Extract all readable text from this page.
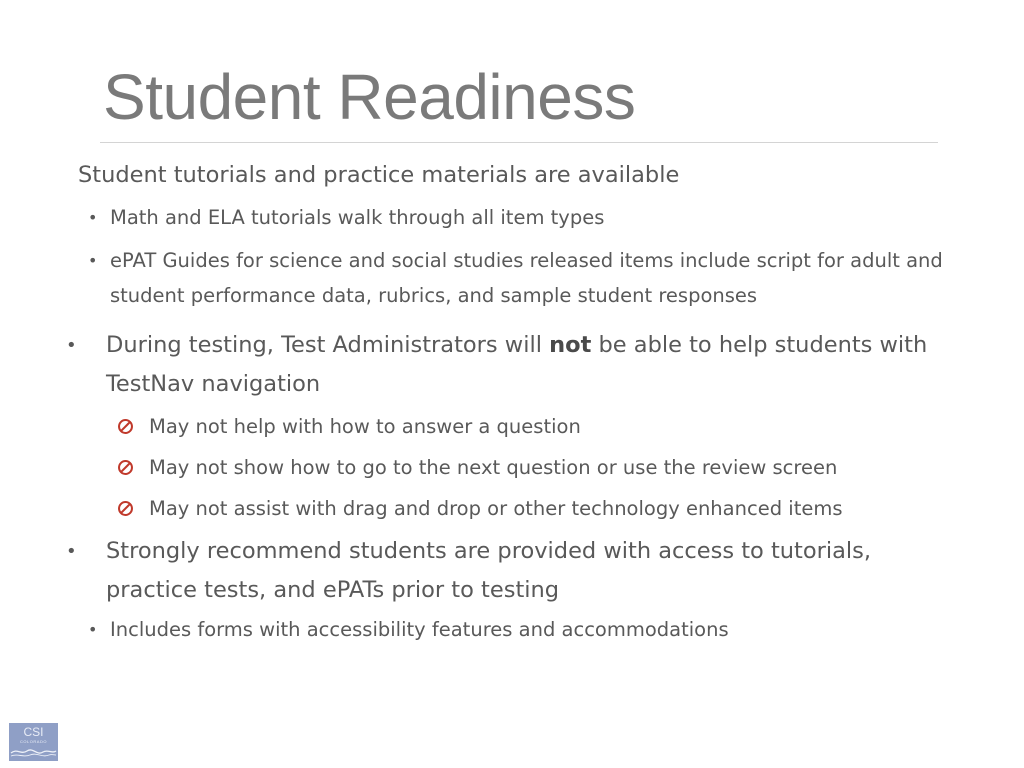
Student Readiness
Student tutorials and practice materials are available
• Math and ELA tutorials walk through all item types
• ePAT Guides for science and social studies released items include script for adult and student performance data, rubrics, and sample student responses
• During testing, Test Administrators will not be able to help students with TestNav navigation
May not help with how to answer a question
May not show how to go to the next question or use the review screen
May not assist with drag and drop or other technology enhanced items
• Strongly recommend students are provided with access to tutorials, practice tests, and ePATs prior to testing
• Includes forms with accessibility features and accommodations
CSI
COLORADO
